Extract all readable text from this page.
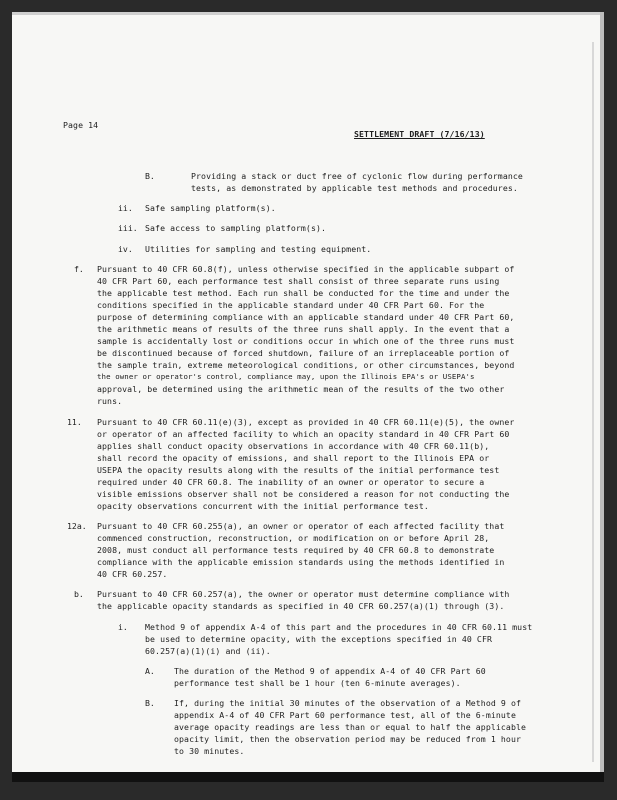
Page 14
SETTLEMENT DRAFT (7/16/13)
B.	Providing a stack or duct free of cyclonic flow during performance
tests, as demonstrated by applicable test methods and procedures.
ii. Safe sampling platform(s).
iii. Safe access to sampling platform(s).
iv. Utilities for sampling and testing equipment.
f. Pursuant to 40 CFR 60.8(f), unless otherwise specified in the applicable subpart of
40 CFR Part 60, each performance test shall consist of three separate runs using
the applicable test method. Each run shall be conducted for the time and under the
conditions specified in the applicable standard under 40 CFR Part 60. For the
purpose of determining compliance with an applicable standard under 40 CFR Part 60,
the arithmetic means of results of the three runs shall apply. In the event that a
sample is accidentally lost or conditions occur in which one of the three runs must
be discontinued because of forced shutdown, failure of an irreplaceable portion of
the sample train, extreme meteorological conditions, or other circumstances, beyond
the owner or operator's control, compliance may, upon the Illinois EPA's or USEPA's
approval, be determined using the arithmetic mean of the results of the two other
runs.
11. Pursuant to 40 CFR 60.11(e)(3), except as provided in 40 CFR 60.11(e)(5), the owner
or operator of an affected facility to which an opacity standard in 40 CFR Part 60
applies shall conduct opacity observations in accordance with 40 CFR 60.11(b),
shall record the opacity of emissions, and shall report to the Illinois EPA or
USEPA the opacity results along with the results of the initial performance test
required under 40 CFR 60.8. The inability of an owner or operator to secure a
visible emissions observer shall not be considered a reason for not conducting the
opacity observations concurrent with the initial performance test.
12a. Pursuant to 40 CFR 60.255(a), an owner or operator of each affected facility that
commenced construction, reconstruction, or modification on or before April 28,
2008, must conduct all performance tests required by 40 CFR 60.8 to demonstrate
compliance with the applicable emission standards using the methods identified in
40 CFR 60.257.
b. Pursuant to 40 CFR 60.257(a), the owner or operator must determine compliance with
the applicable opacity standards as specified in 40 CFR 60.257(a)(1) through (3).
i. Method 9 of appendix A-4 of this part and the procedures in 40 CFR 60.11 must
be used to determine opacity, with the exceptions specified in 40 CFR
60.257(a)(1)(i) and (ii).
A. The duration of the Method 9 of appendix A-4 of 40 CFR Part 60
performance test shall be 1 hour (ten 6-minute averages).
B. If, during the initial 30 minutes of the observation of a Method 9 of
appendix A-4 of 40 CFR Part 60 performance test, all of the 6-minute
average opacity readings are less than or equal to half the applicable
opacity limit, then the observation period may be reduced from 1 hour
to 30 minutes.
